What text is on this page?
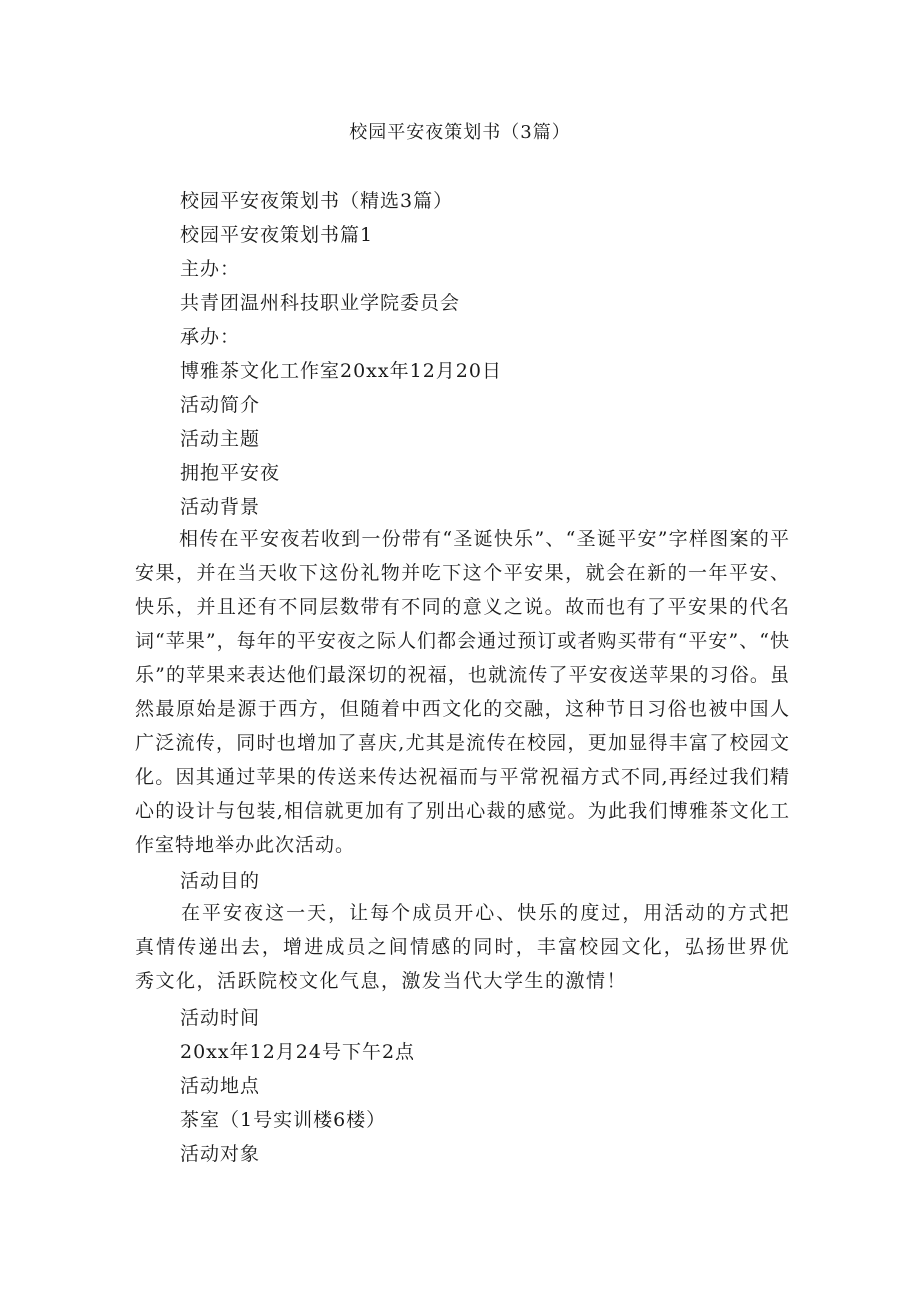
校园平安夜策划书（3篇）
校园平安夜策划书（精选3篇）
校园平安夜策划书篇1
主办：
共青团温州科技职业学院委员会
承办：
博雅茶文化工作室20xx年12月20日
活动简介
活动主题
拥抱平安夜
活动背景
相传在平安夜若收到一份带有“圣诞快乐”、“圣诞平安”字样图案的平安果，并在当天收下这份礼物并吃下这个平安果，就会在新的一年平安、快乐，并且还有不同层数带有不同的意义之说。故而也有了平安果的代名词“苹果”，每年的平安夜之际人们都会通过预订或者购买带有“平安”、“快乐”的苹果来表达他们最深切的祝福，也就流传了平安夜送苹果的习俗。虽然最原始是源于西方，但随着中西文化的交融，这种节日习俗也被中国人广泛流传，同时也增加了喜庆,尤其是流传在校园，更加显得丰富了校园文化。因其通过苹果的传送来传达祝福而与平常祝福方式不同,再经过我们精心的设计与包装,相信就更加有了别出心裁的感觉。为此我们博雅茶文化工作室特地举办此次活动。
活动目的
在平安夜这一天，让每个成员开心、快乐的度过，用活动的方式把真情传递出去，增进成员之间情感的同时，丰富校园文化，弘扬世界优秀文化，活跃院校文化气息，激发当代大学生的激情！
活动时间
20xx年12月24号下午2点
活动地点
茶室（1号实训楼6楼）
活动对象
